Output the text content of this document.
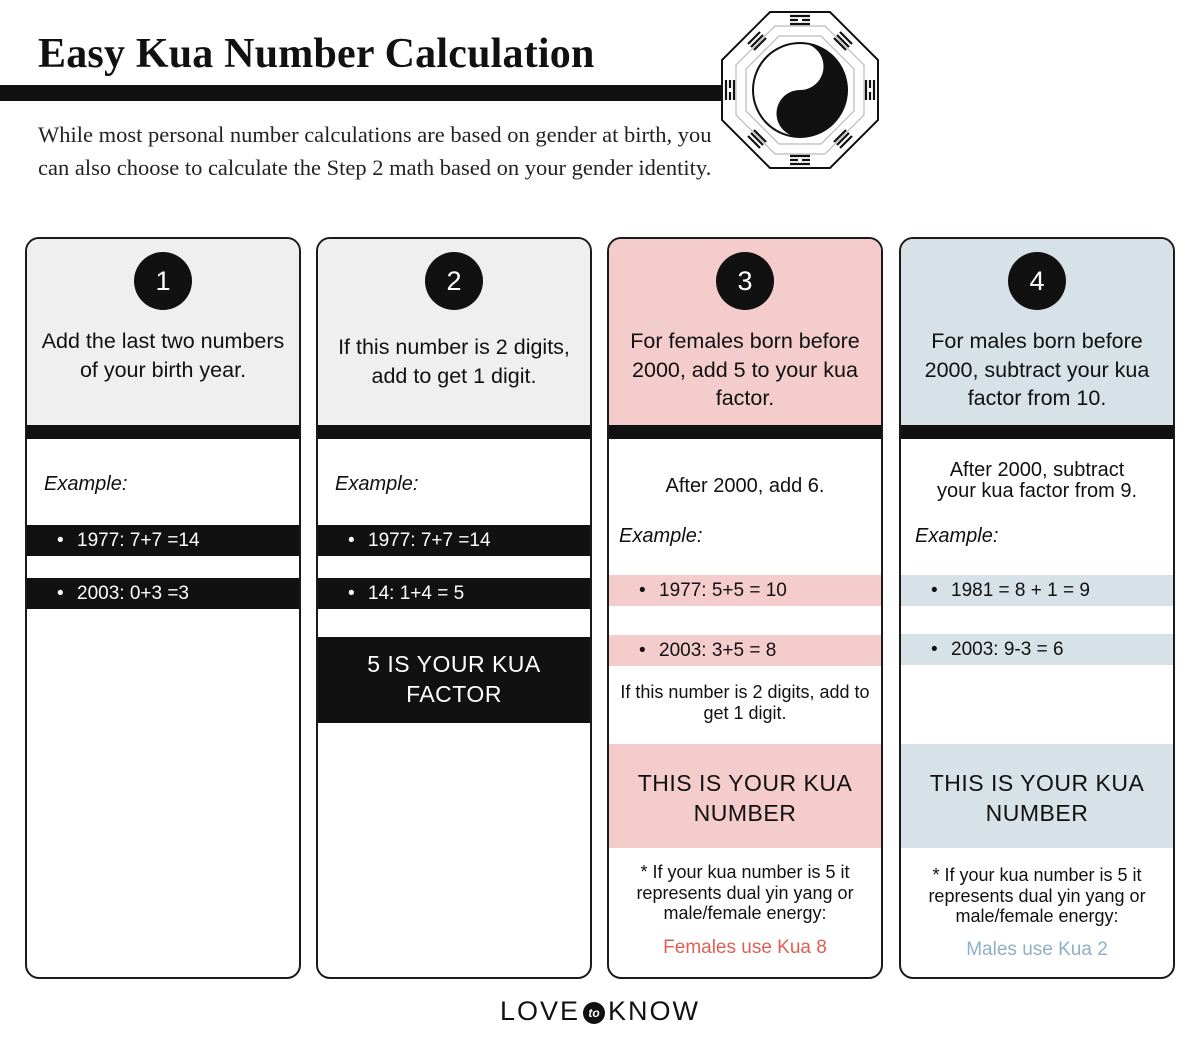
Easy Kua Number Calculation

While most personal number calculations are based on gender at birth, you can also choose to calculate the Step 2 math based on your gender identity.

1

Add the last two numbers of your birth year.

Example:
• 1977: 7+7 =14
• 2003: 0+3 =3
2

If this number is 2 digits, add to get 1 digit.

Example:
• 1977: 7+7 =14
• 14: 1+4 = 5
5 IS YOUR KUA FACTOR
3

For females born before 2000, add 5 to your kua factor.

After 2000, add 6.
Example:
• 1977: 5+5 = 10
• 2003: 3+5 = 8
If this number is 2 digits, add to get 1 digit.
THIS IS YOUR KUA NUMBER
* If your kua number is 5 it represents dual yin yang or male/female energy:
Females use Kua 8
4

For males born before 2000, subtract your kua factor from 10.

After 2000, subtract your kua factor from 9.
Example:
• 1981 = 8 + 1 = 9
• 2003: 9-3 = 6
THIS IS YOUR KUA NUMBER
* If your kua number is 5 it represents dual yin yang or male/female energy:
Males use Kua 2
LOVE to KNOW
